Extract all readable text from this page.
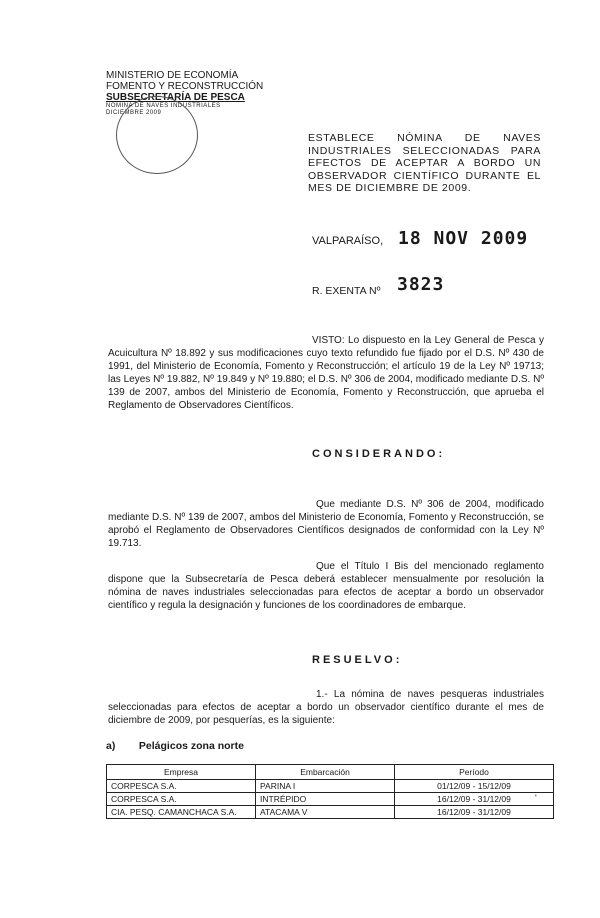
MINISTERIO DE ECONOMÍA
FOMENTO Y RECONSTRUCCIÓN
SUBSECRETARÍA DE PESCA
NÓMINA DE NAVES INDUSTRIALES
DICIEMBRE 2009
ESTABLECE NÓMINA DE NAVES INDUSTRIALES SELECCIONADAS PARA EFECTOS DE ACEPTAR A BORDO UN OBSERVADOR CIENTÍFICO DURANTE EL MES DE DICIEMBRE DE 2009.
VALPARAÍSO, 18 NOV 2009
R. EXENTA Nº 3823
VISTO: Lo dispuesto en la Ley General de Pesca y Acuicultura Nº 18.892 y sus modificaciones cuyo texto refundido fue fijado por el D.S. Nº 430 de 1991, del Ministerio de Economía, Fomento y Reconstrucción; el artículo 19 de la Ley Nº 19713; las Leyes Nº 19.882, Nº 19.849 y Nº 19.880; el D.S. Nº 306 de 2004, modificado mediante D.S. Nº 139 de 2007, ambos del Ministerio de Economía, Fomento y Reconstrucción, que aprueba el Reglamento de Observadores Científicos.
CONSIDERANDO:
Que mediante D.S. Nº 306 de 2004, modificado mediante D.S. Nº 139 de 2007, ambos del Ministerio de Economía, Fomento y Reconstrucción, se aprobó el Reglamento de Observadores Científicos designados de conformidad con la Ley Nº 19.713.
Que el Título I Bis del mencionado reglamento dispone que la Subsecretaría de Pesca deberá establecer mensualmente por resolución la nómina de naves industriales seleccionadas para efectos de aceptar a bordo un observador científico y regula la designación y funciones de los coordinadores de embarque.
RESUELVO:
1.- La nómina de naves pesqueras industriales seleccionadas para efectos de aceptar a bordo un observador científico durante el mes de diciembre de 2009, por pesquerías, es la siguiente:
a) Pelágicos zona norte
Empresa	Embarcación	Período
CORPESCA S.A.	PARINA I	01/12/09 - 15/12/09
CORPESCA S.A.	INTRÉPIDO	16/12/09 - 31/12/09
CIA. PESQ. CAMANCHACA S.A.	ATACAMA V	16/12/09 - 31/12/09
'
